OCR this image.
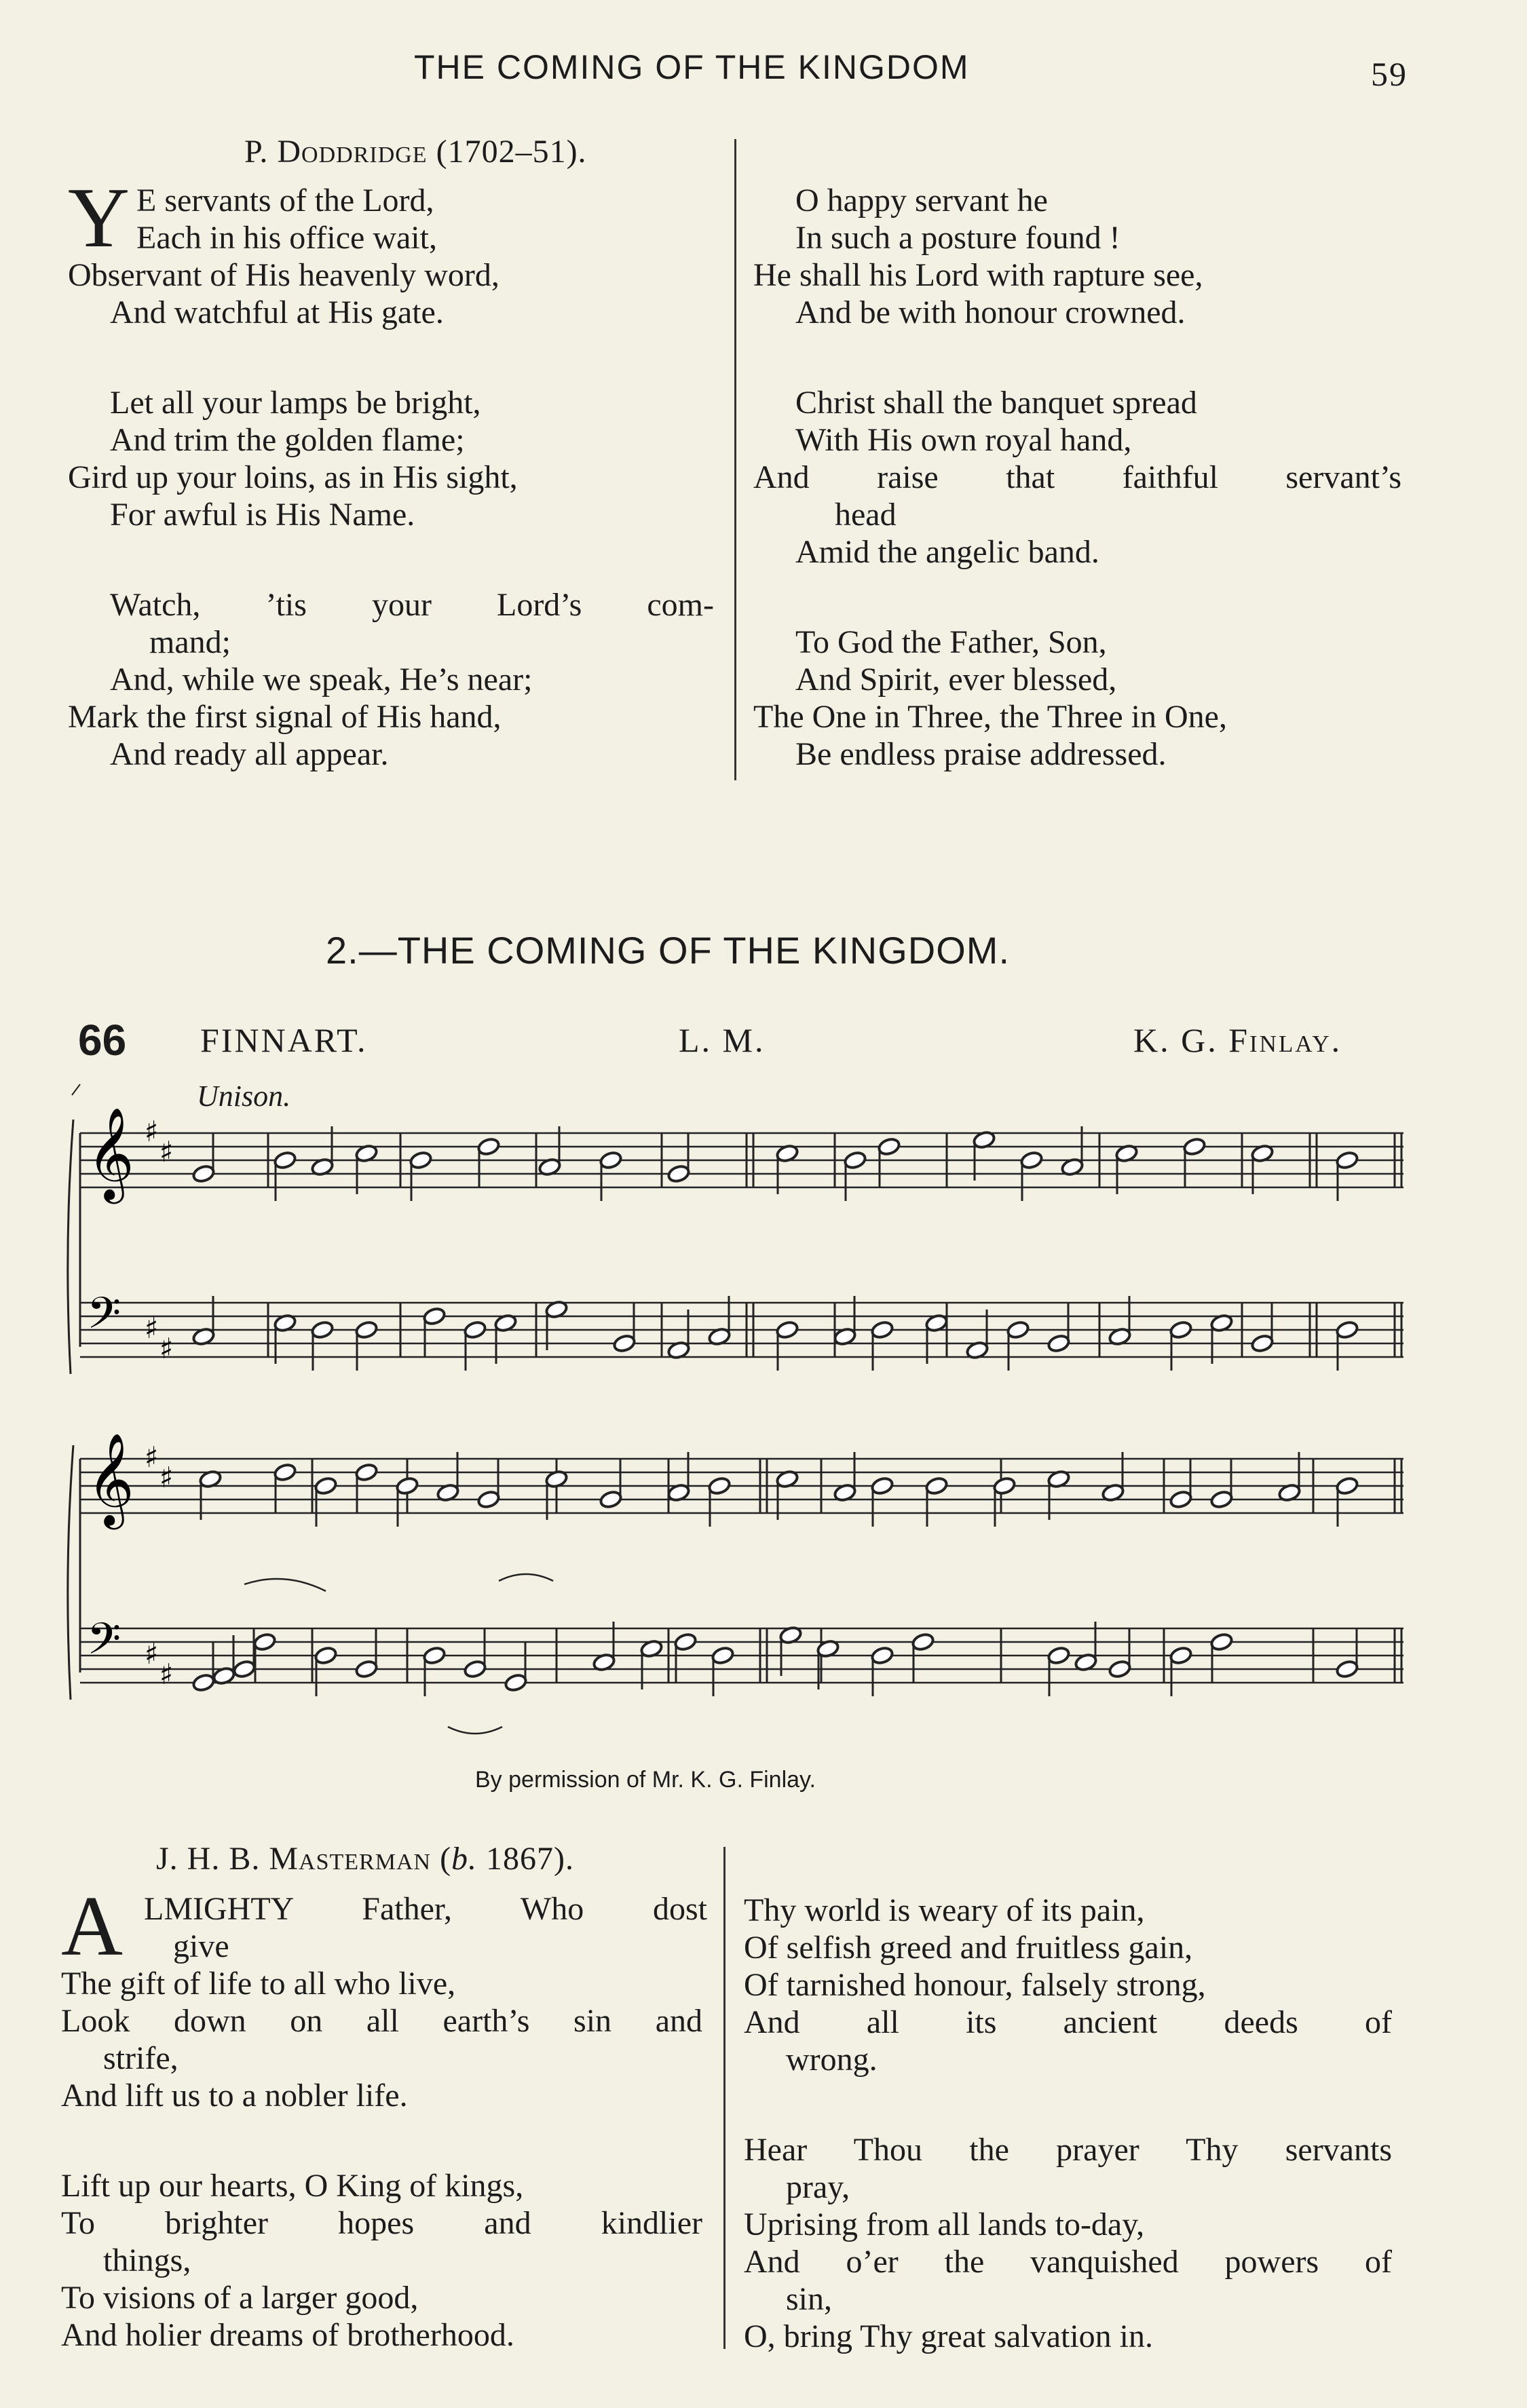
THE COMING OF THE KINGDOM	59
P. Doddridge (1702–51).
Y E servants of the Lord,
Each in his office wait,
Observant of His heavenly word,
And watchful at His gate.
Let all your lamps be bright,
And trim the golden flame;
Gird up your loins, as in His sight,
For awful is His Name.
Watch, ’tis your Lord’s com-
mand;
And, while we speak, He’s near;
Mark the first signal of His hand,
And ready all appear.
O happy servant he
In such a posture found !
He shall his Lord with rapture see,
And be with honour crowned.
Christ shall the banquet spread
With His own royal hand,
And raise that faithful servant’s
head
Amid the angelic band.
To God the Father, Son,
And Spirit, ever blessed,
The One in Three, the Three in One,
Be endless praise addressed.
2.—THE COMING OF THE KINGDOM.
66 FINNART.	L. M.	K. G. Finlay.
Unison.
𝄞 ♯
♯
𝄢 ♯
♯
𝄞 ♯
♯
𝄢 ♯
♯
By permission of Mr. K. G. Finlay.
J. H. B. Masterman (b. 1867).
A LMIGHTY Father, Who dost
give
The gift of life to all who live,
Look down on all earth’s sin and
strife,
And lift us to a nobler life.
Lift up our hearts, O King of kings,
To brighter hopes and kindlier
things,
To visions of a larger good,
And holier dreams of brotherhood.
Thy world is weary of its pain,
Of selfish greed and fruitless gain,
Of tarnished honour, falsely strong,
And all its ancient deeds of
wrong.
Hear Thou the prayer Thy servants
pray,
Uprising from all lands to-day,
And o’er the vanquished powers of
sin,
O, bring Thy great salvation in.
